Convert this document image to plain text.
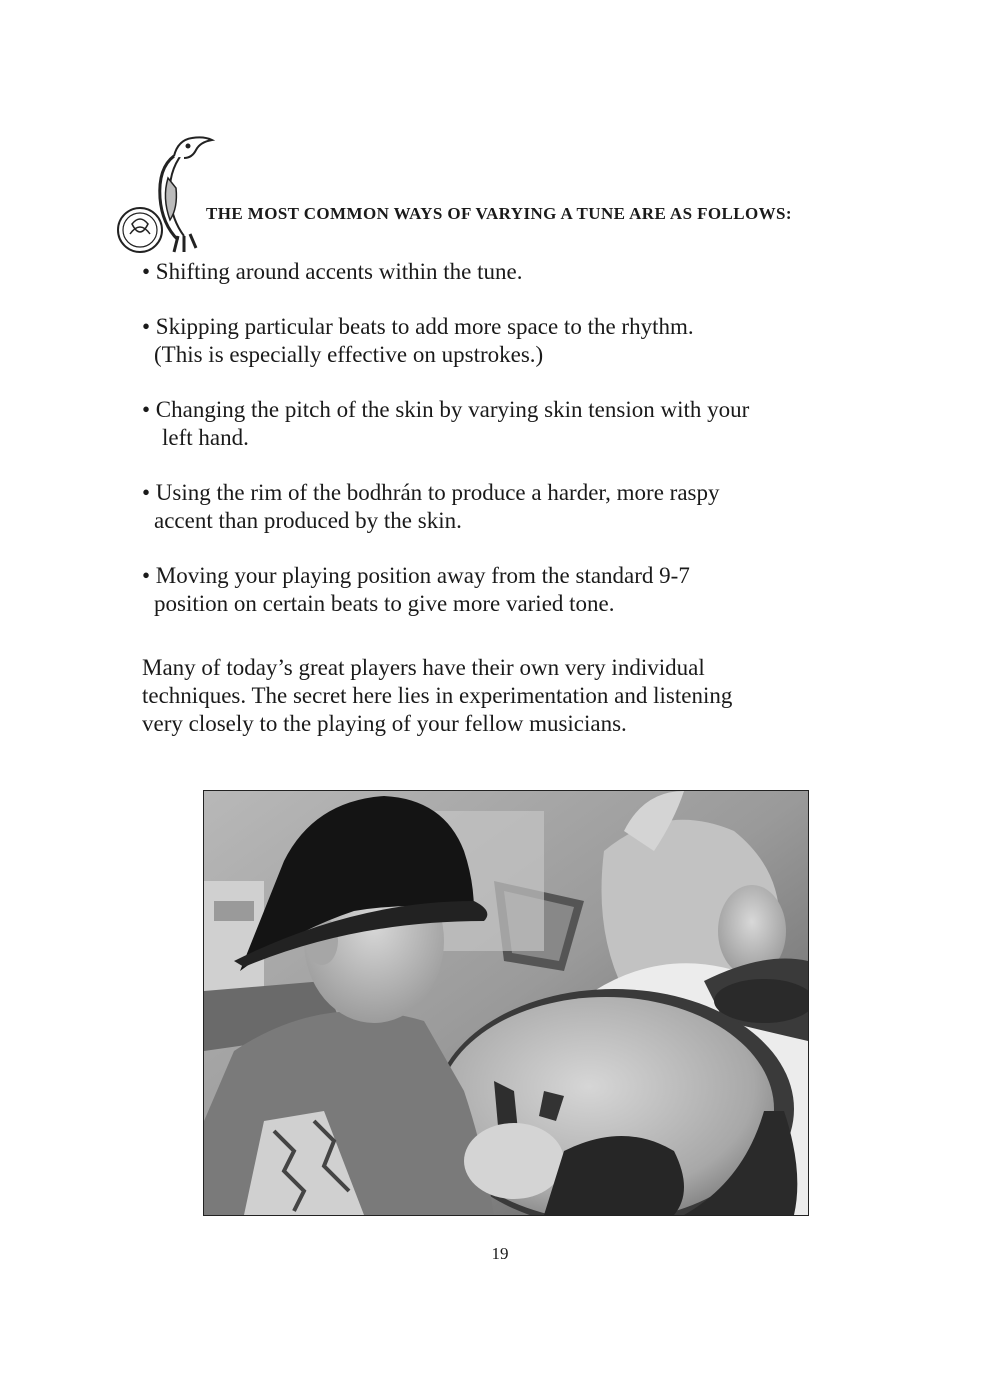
THE MOST COMMON WAYS OF VARYING A TUNE ARE AS FOLLOWS:
• Shifting around accents within the tune.
• Skipping particular beats to add more space to the rhythm.
(This is especially effective on upstrokes.)
• Changing the pitch of the skin by varying skin tension with your
left hand.
• Using the rim of the bodhrán to produce a harder, more raspy
accent than produced by the skin.
• Moving your playing position away from the standard 9-7
position on certain beats to give more varied tone.
Many of today’s great players have their own very individual
techniques. The secret here lies in experimentation and listening
very closely to the playing of your fellow musicians.
19
